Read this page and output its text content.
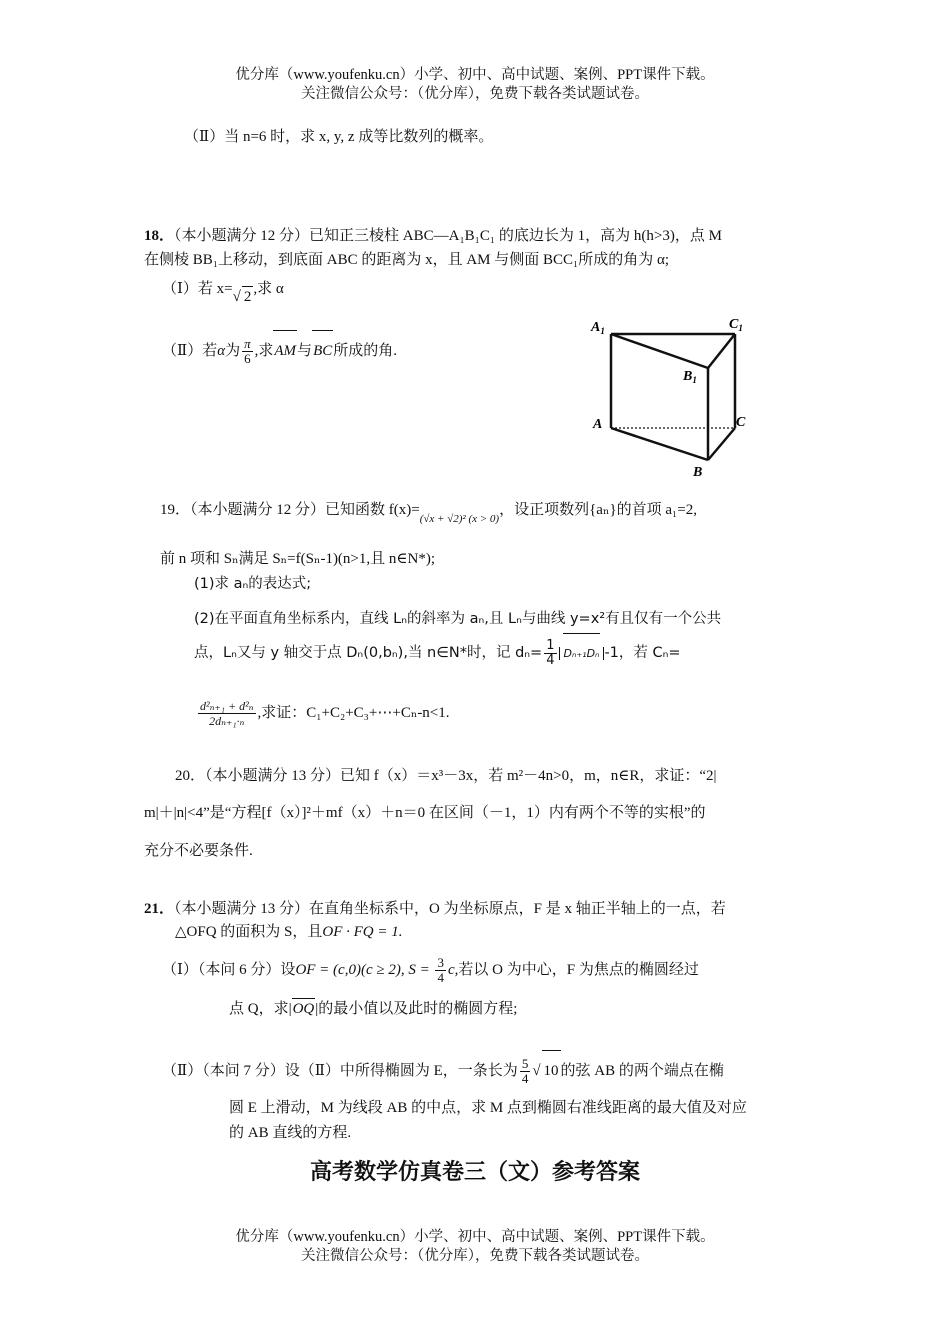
优分库（www.youfenku.cn）小学、初中、高中试题、案例、PPT课件下载。
关注微信公众号：（优分库），免费下载各类试题试卷。
（Ⅱ）当 n=6 时，求 x, y, z 成等比数列的概率。
18．（本小题满分 12 分）已知正三棱柱 ABC—A₁B₁C₁ 的底边长为 1，高为 h(h>3)，点 M
在侧棱 BB₁上移动，到底面 ABC 的距离为 x，且 AM 与侧面 BCC₁所成的角为 α;
（Ⅰ）若 x=√ 2 ,求 α
（Ⅱ）若α为 $\frac{\pi}{6}$ ,求AM与BC所成的角.
$A_1$	$C_1$
$B_1$
A	C
B
19．（本小题满分 12 分）已知函数 $f(x)=_{(√x + √2)^2 (x > 0)}$，设正项数列{aₙ}的首项 a₁=2,
前 n 项和 Sₙ满足 Sₙ=f(Sₙ-1)(n>1,且 n∈N*);
(1)求 aₙ的表达式;
(2)在平面直角坐标系内，直线 Lₙ的斜率为 aₙ,且 Lₙ与曲线 y=x²有且仅有一个公共
点，Lₙ又与 y 轴交于点 Dₙ(0,bₙ),当 n∈N*时，记 $d_n= \frac{1}{4} D_{n+1}D_n$ -1，若 Cₙ=
$\frac{\text{d²ₙ₊₁ + d²ₙ}}{\text{2dₙ₊₁·ₙ}}$ ,求证：C₁+C₂+C₃+⋯+Cₙ-n<1.
20．（本小题满分 13 分）已知 f（x）＝x³－3x，若 m²－4n>0，m，n∈R，求证：“2|
m|＋|n|<4”是“方程[f（x）]²＋mf（x）＋n＝0 在区间（－1，1）内有两个不等的实根”的
充分不必要条件.
21．（本小题满分 13 分）在直角坐标系中，O 为坐标原点，F 是 x 轴正半轴上的一点，若
△OFQ 的面积为 S，且OF · FQ = 1.
（Ⅰ）（本问 6 分）设OF = (c,0)(c ≥ 2), $S = \frac{3}{4} c$,若以 O 为中心，F 为焦点的椭圆经过
点 Q，求|OQ|的最小值以及此时的椭圆方程;
（Ⅱ）（本问 7 分）设（Ⅱ）中所得椭圆为 E，一条长为 $\frac{5}{4}$ √ 10 的弦 AB 的两个端点在椭
圆 E 上滑动，M 为线段 AB 的中点，求 M 点到椭圆右准线距离的最大值及对应
的 AB 直线的方程.
高考数学仿真卷三（文）参考答案
优分库（www.youfenku.cn）小学、初中、高中试题、案例、PPT课件下载。
关注微信公众号：（优分库），免费下载各类试题试卷。
